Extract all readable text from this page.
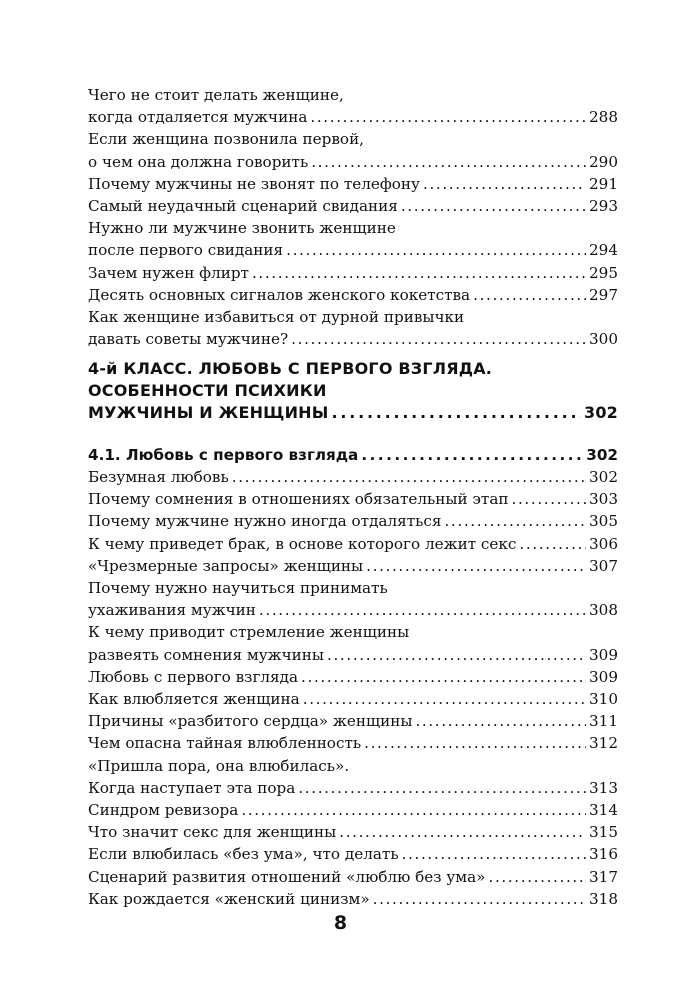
Чего не стоит делать женщине,
когда отдаляется мужчина . . .	288
Если женщина позвонила первой,
о чем она должна говорить . . .	290
Почему мужчины не звонят по телефону . . .	291
Самый неудачный сценарий свидания . . .	293
Нужно ли мужчине звонить женщине
после первого свидания . . .	294
Зачем нужен флирт . . .	295
Десять основных сигналов женского кокетства . . .	297
Как женщине избавиться от дурной привычки
давать советы мужчине? . . .	300
4-й КЛАСС. ЛЮБОВЬ С ПЕРВОГО ВЗГЛЯДА.
ОСОБЕННОСТИ ПСИХИКИ
МУЖЧИНЫ И ЖЕНЩИНЫ . . .	302
4.1. Любовь с первого взгляда . . .	302
Безумная любовь . . .	302
Почему сомнения в отношениях обязательный этап . . .	303
Почему мужчине нужно иногда отдаляться . . .	305
К чему приведет брак, в основе которого лежит секс . . .	306
«Чрезмерные запросы» женщины . . .	307
Почему нужно научиться принимать
ухаживания мужчин . . .	308
К чему приводит стремление женщины
развеять сомнения мужчины . . .	309
Любовь с первого взгляда . . .	309
Как влюбляется женщина . . .	310
Причины «разбитого сердца» женщины . . .	311
Чем опасна тайная влюбленность . . .	312
«Пришла пора, она влюбилась».
Когда наступает эта пора . . .	313
Синдром ревизора . . .	314
Что значит секс для женщины . . .	315
Если влюбилась «без ума», что делать . . .	316
Сценарий развития отношений «люблю без ума» . . .	317
Как рождается «женский цинизм» . . .	318
8
